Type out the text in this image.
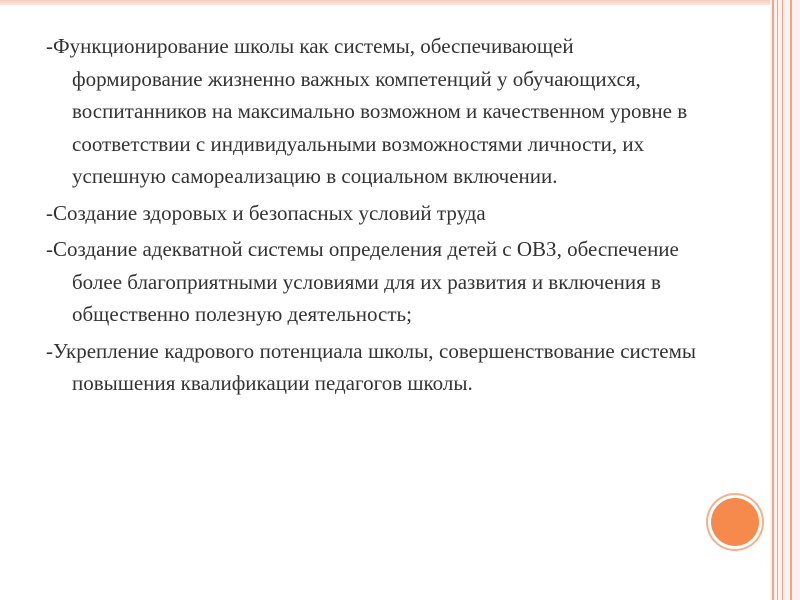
-Функционирование школы как системы, обеспечивающей формирование жизненно важных компетенций у обучающихся, воспитанников на максимально возможном и качественном уровне в соответствии с индивидуальными возможностями личности, их успешную самореализацию в социальном включении.
-Создание здоровых и безопасных условий труда
-Создание адекватной системы определения детей с ОВЗ, обеспечение более благоприятными условиями для их развития и включения в общественно полезную деятельность;
-Укрепление кадрового потенциала школы, совершенствование системы повышения квалификации педагогов школы.
